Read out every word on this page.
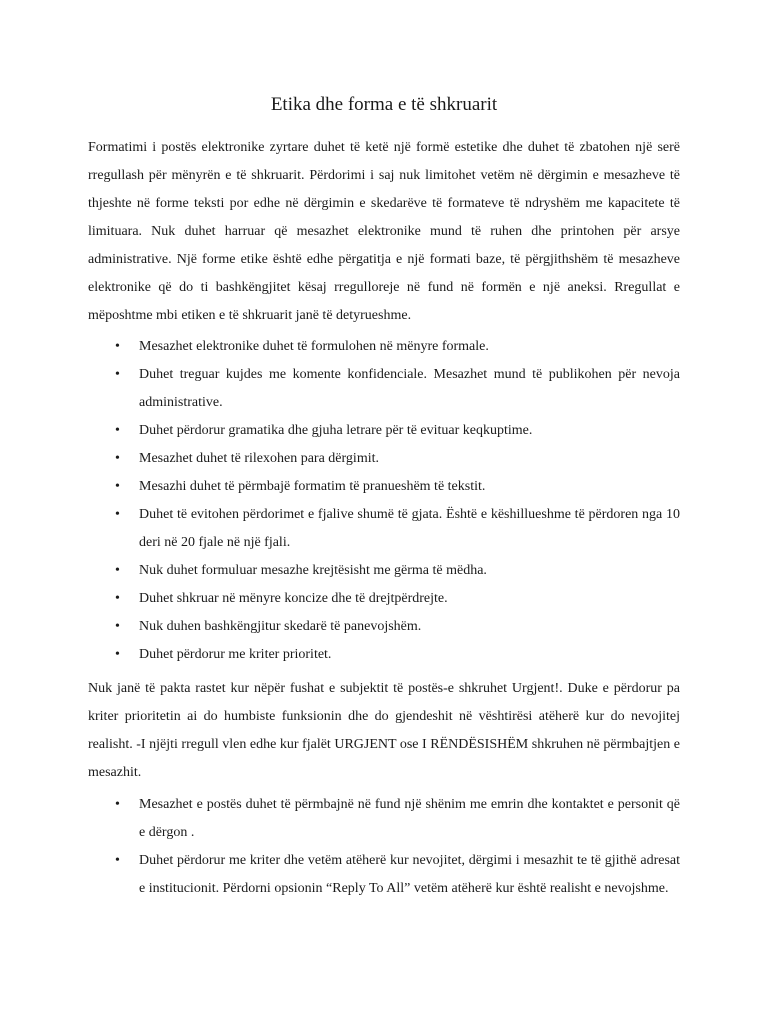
Etika dhe forma e të shkruarit

Formatimi i postës elektronike zyrtare duhet të ketë një formë estetike dhe duhet të zbatohen një serë rregullash për mënyrën e të shkruarit. Përdorimi i saj nuk limitohet vetëm në dërgimin e mesazheve të thjeshte në forme teksti por edhe në dërgimin e skedarëve të formateve të ndryshëm me kapacitete të limituara. Nuk duhet harruar që mesazhet elektronike mund të ruhen dhe printohen për arsye administrative. Një forme etike është edhe përgatitja e një formati baze, të përgjithshëm të mesazheve elektronike që do ti bashkëngjitet kësaj rregulloreje në fund në formën e një aneksi. Rregullat e mëposhtme mbi etiken e të shkruarit janë të detyrueshme.

• Mesazhet elektronike duhet të formulohen në mënyre formale.
• Duhet treguar kujdes me komente konfidenciale. Mesazhet mund të publikohen për nevoja administrative.
• Duhet përdorur gramatika dhe gjuha letrare për të evituar keqkuptime.
• Mesazhet duhet të rilexohen para dërgimit.
• Mesazhi duhet të përmbajë formatim të pranueshëm të tekstit.
• Duhet të evitohen përdorimet e fjalive shumë të gjata. Është e këshillueshme të përdoren nga 10 deri në 20 fjale në një fjali.
• Nuk duhet formuluar mesazhe krejtësisht me gërma të mëdha.
• Duhet shkruar në mënyre koncize dhe të drejtpërdrejte.
• Nuk duhen bashkëngjitur skedarë të panevojshëm.
• Duhet përdorur me kriter prioritet.

Nuk janë të pakta rastet kur nëpër fushat e subjektit të postës-e shkruhet Urgjent!. Duke e përdorur pa kriter prioritetin ai do humbiste funksionin dhe do gjendeshit në vështirësi atëherë kur do nevojitej realisht. -I njëjti rregull vlen edhe kur fjalët URGJENT ose I RËNDËSISHËM shkruhen në përmbajtjen e mesazhit.

• Mesazhet e postës duhet të përmbajnë në fund një shënim me emrin dhe kontaktet e personit që e dërgon .
• Duhet përdorur me kriter dhe vetëm atëherë kur nevojitet, dërgimi i mesazhit te të gjithë adresat e institucionit. Përdorni opsionin “Reply To All” vetëm atëherë kur është realisht e nevojshme.
